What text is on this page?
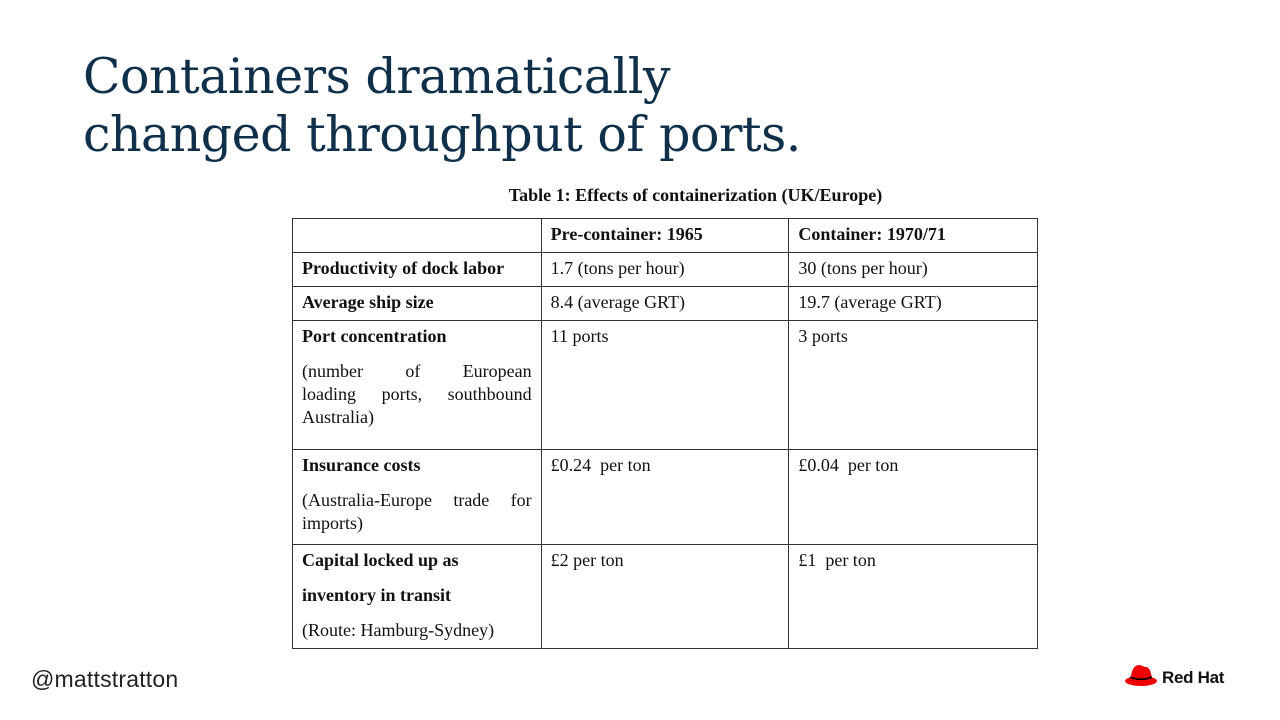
Containers dramatically
changed throughput of ports.
Table 1: Effects of containerization (UK/Europe)
	Pre-container: 1965	Container: 1970/71
Productivity of dock labor	1.7 (tons per hour)	30 (tons per hour)
Average ship size	8.4 (average GRT)	19.7 (average GRT)

Port concentration
(number of European
loading ports, southbound
Australia)	11 ports	3 ports

Insurance costs
(Australia-Europe trade for
imports)	£0.24  per ton	£0.04  per ton

Capital locked up as
inventory in transit
(Route: Hamburg-Sydney)	£2 per ton	£1  per ton
@mattstratton	Red Hat
